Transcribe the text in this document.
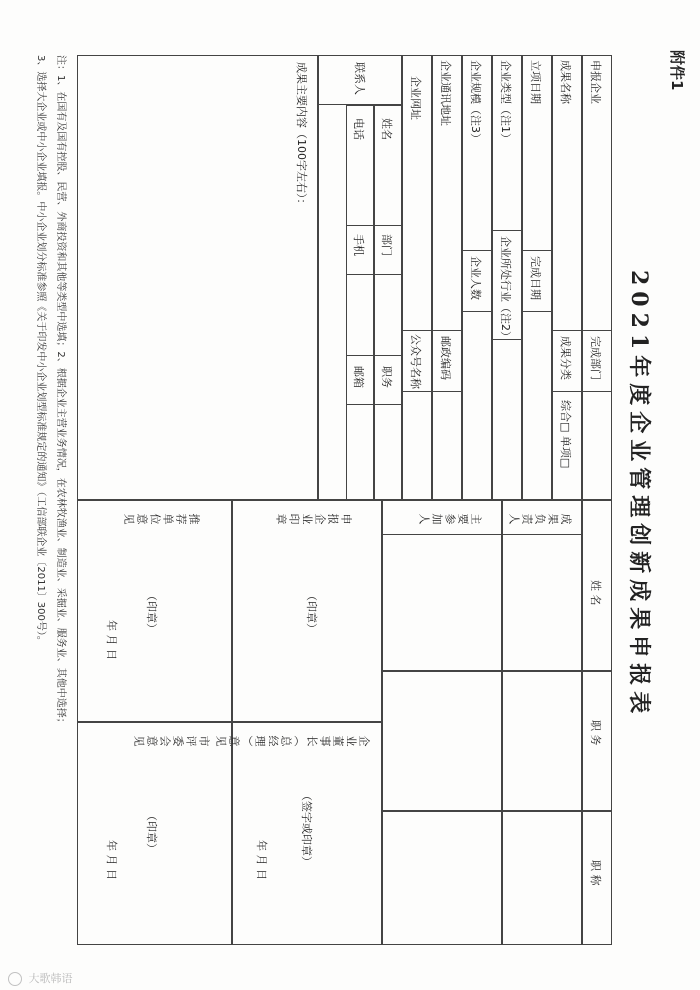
附件1
2021年度企业管理创新成果申报表
申报企业
成果名称
完成部门
成果分类
综合□ 单项□
立项日期
完成日期
企业类型（注1）
企业所处行业（注2）
企业规模（注3）
企业人数
企业通讯地址
邮政编码
企业网址
公众号名称
联系人
姓名
电话
部门
手机
职务
邮箱
成果主要内容（100字左右）：
姓 名
职 务
职 称
成果负责人
主要参加人
申报企业印章
（印章）
企业董事长（总经理）意见
（签字或印章）
年 月 日
推荐单位意见
（印章）
年 月 日
市评委会意见
（印章）
年 月 日
注：1、在国有及国有控股、民营、外商投资和其他等类型中选填；2、根据企业主营业务情况，在农林牧渔业、制造业、采掘业、服务业、其他中选择；
3、选择大企业或中小企业填报。中小企业划分标准参照《关于印发中小企业划型标准规定的通知》（工信部联企业〔2011〕300号）。
大歌韩语
